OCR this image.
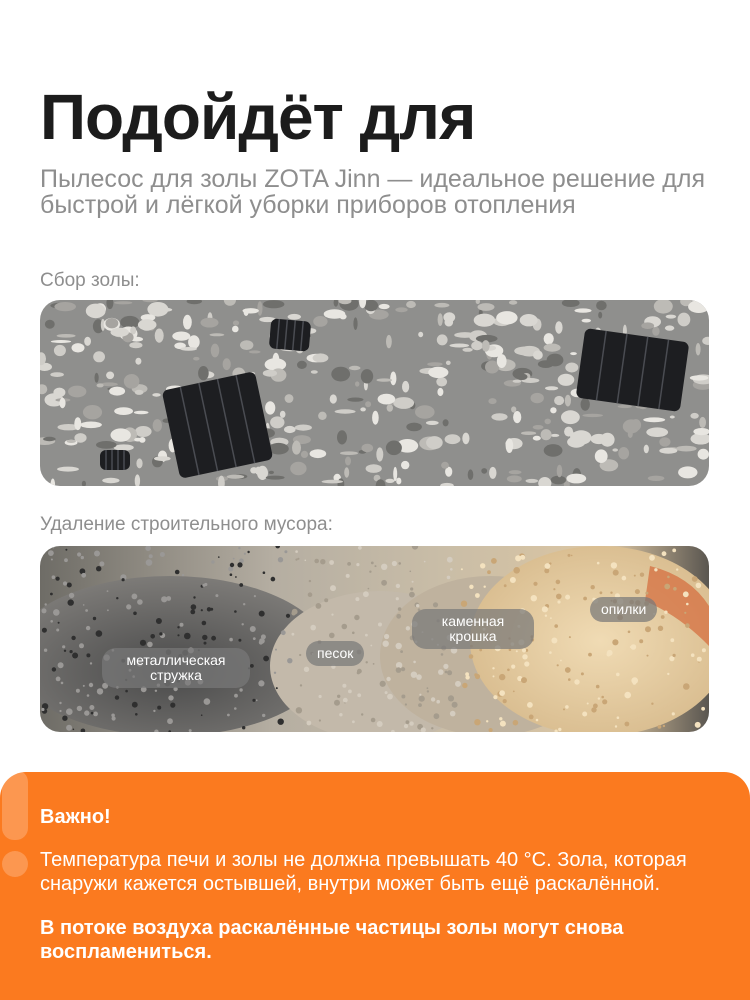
Подойдёт для

Пылесос для золы ZOTA Jinn — идеальное решение для быстрой и лёгкой уборки приборов отопления

Сбор золы:
Удаление строительного мусора:
металлическая стружка
песок
каменная крошка
опилки
Важно!

Температура печи и золы не должна превышать 40 °С. Зола, которая снаружи кажется остывшей, внутри может быть ещё раскалённой.

В потоке воздуха раскалённые частицы золы могут снова воспламениться.
